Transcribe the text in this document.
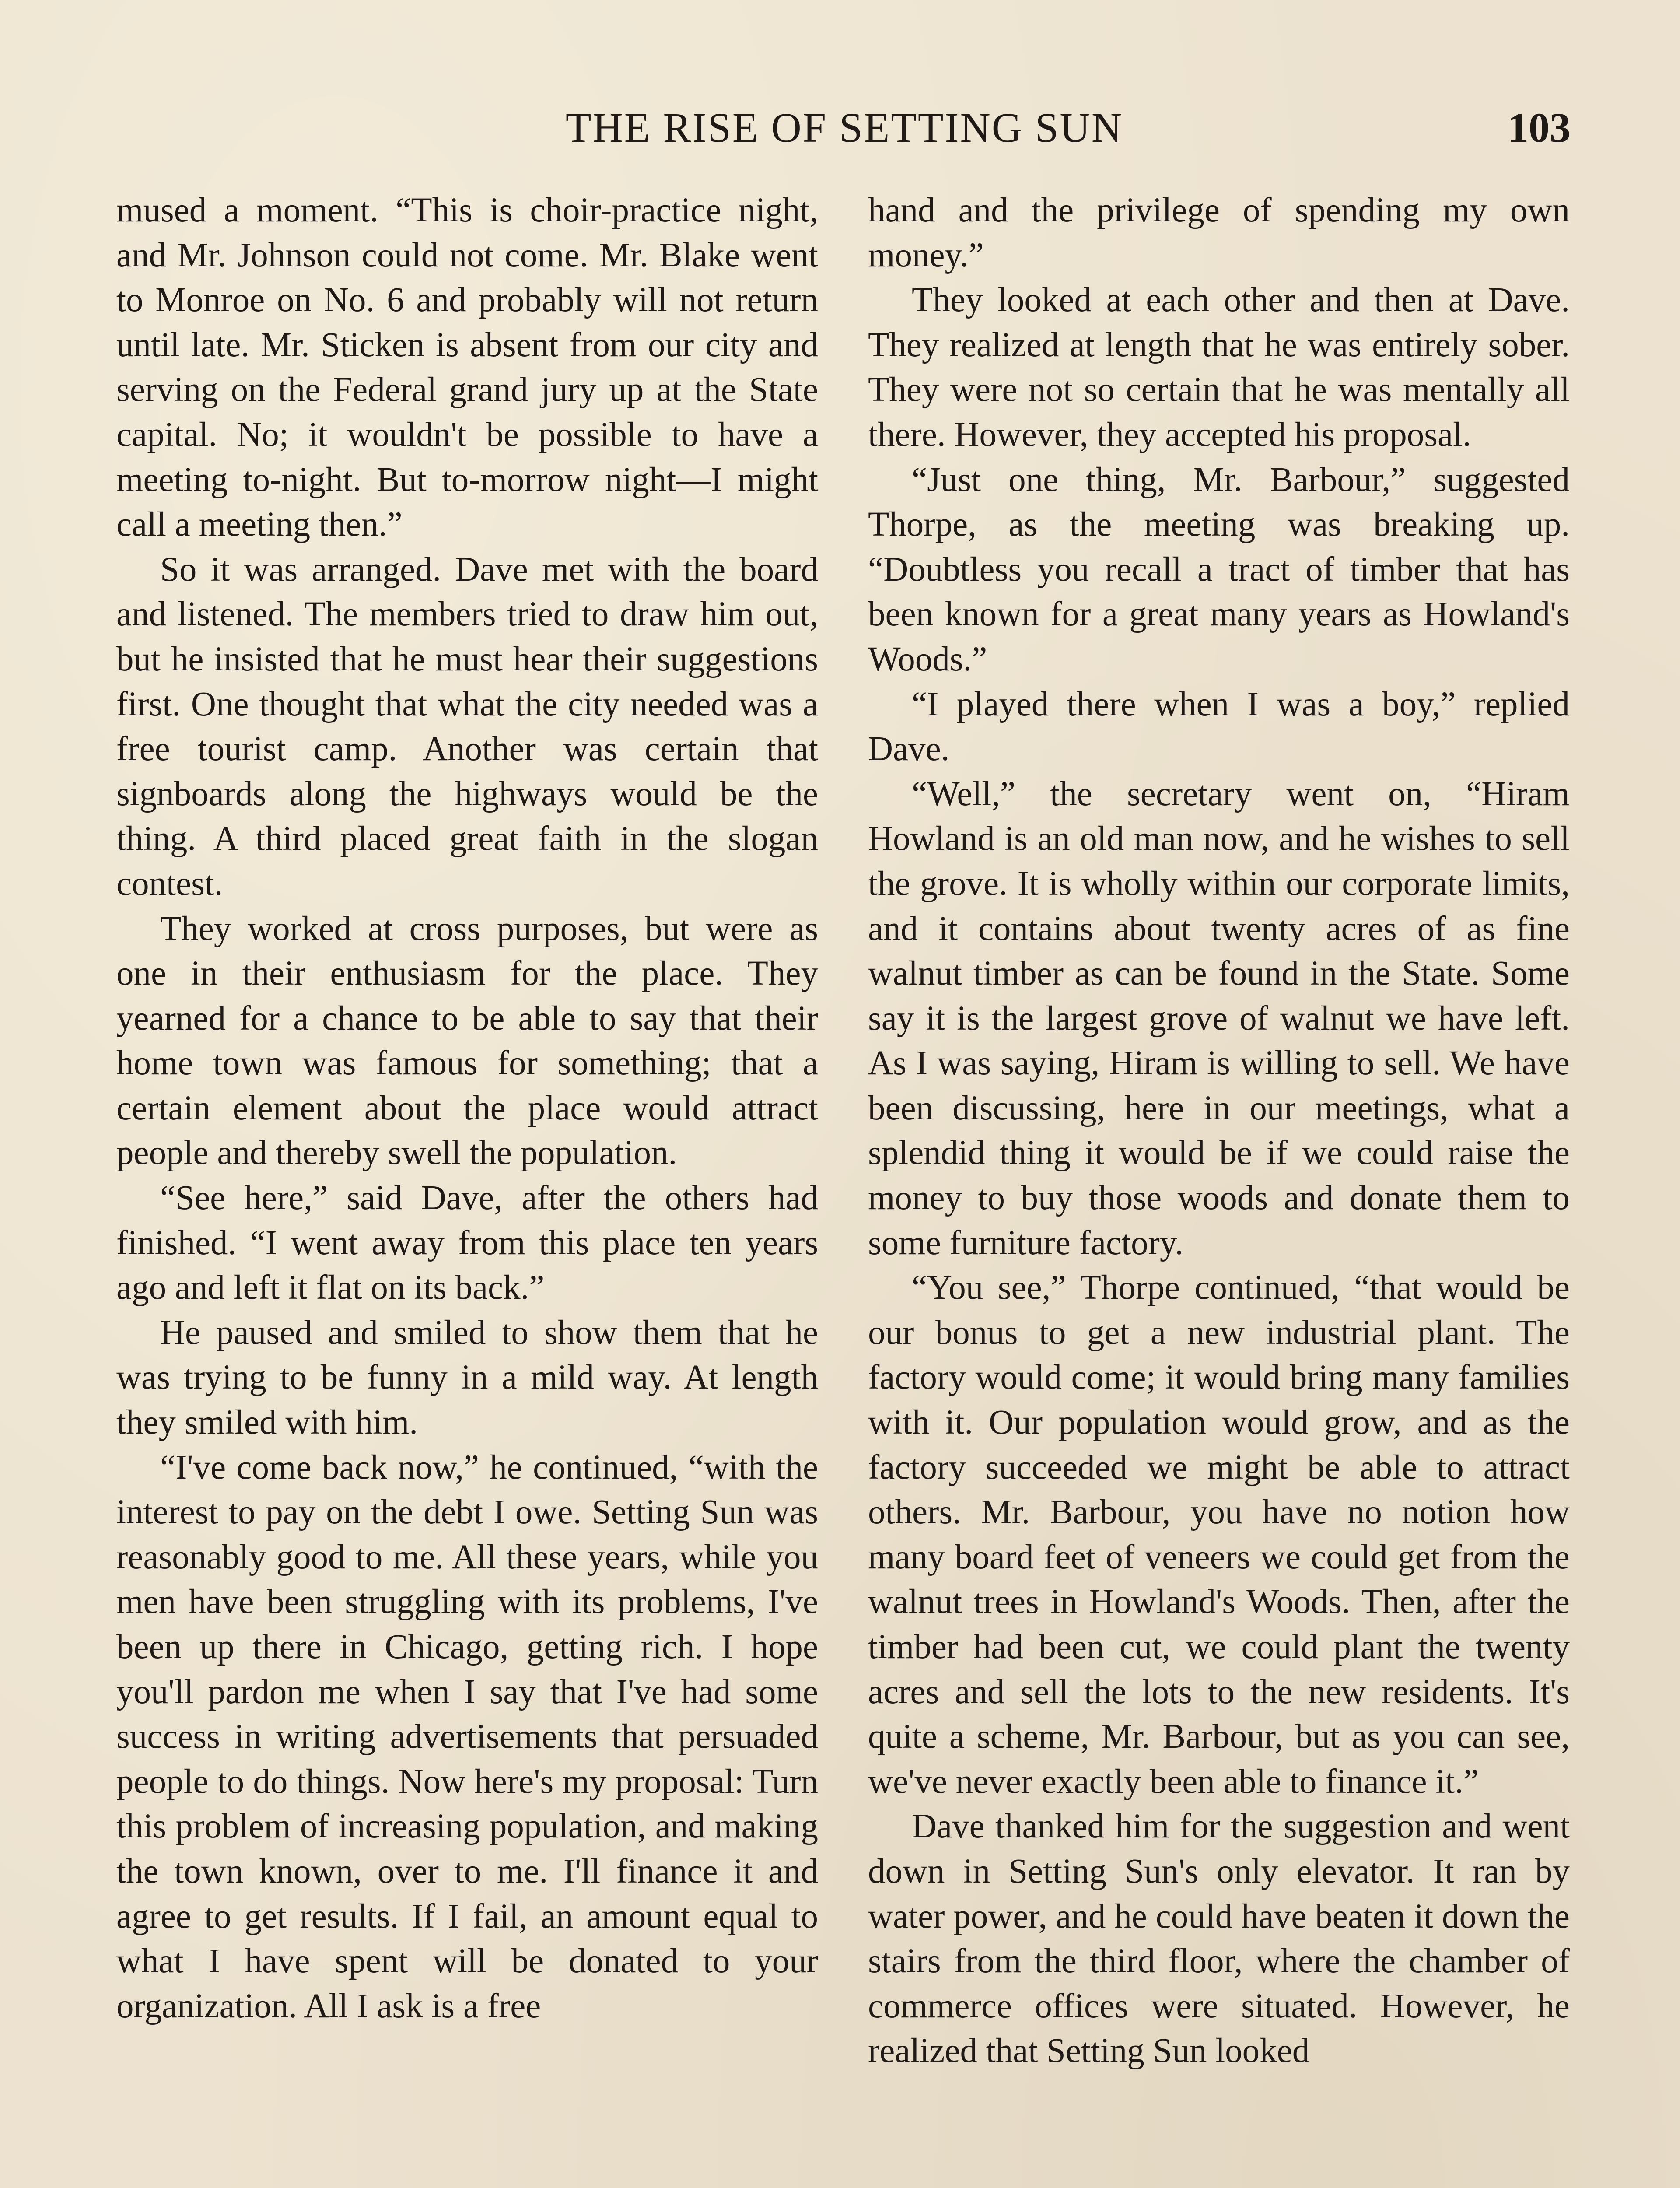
THE RISE OF SETTING SUN	103

mused a moment. “This is choir-practice night, and Mr. Johnson could not come. Mr. Blake went to Monroe on No. 6 and probably will not return until late. Mr. Sticken is absent from our city and serving on the Federal grand jury up at the State capital. No; it wouldn't be possible to have a meeting to-night. But to-morrow night—I might call a meeting then.”

So it was arranged. Dave met with the board and listened. The members tried to draw him out, but he insisted that he must hear their suggestions first. One thought that what the city needed was a free tourist camp. Another was certain that signboards along the highways would be the thing. A third placed great faith in the slogan contest.

They worked at cross purposes, but were as one in their enthusiasm for the place. They yearned for a chance to be able to say that their home town was famous for something; that a certain element about the place would attract people and thereby swell the population.

“See here,” said Dave, after the others had finished. “I went away from this place ten years ago and left it flat on its back.”

He paused and smiled to show them that he was trying to be funny in a mild way. At length they smiled with him.

“I've come back now,” he continued, “with the interest to pay on the debt I owe. Setting Sun was reasonably good to me. All these years, while you men have been struggling with its problems, I've been up there in Chicago, getting rich. I hope you'll pardon me when I say that I've had some success in writing advertisements that persuaded people to do things. Now here's my proposal: Turn this problem of increasing population, and making the town known, over to me. I'll finance it and agree to get results. If I fail, an amount equal to what I have spent will be donated to your organization. All I ask is a free

hand and the privilege of spending my own money.”

They looked at each other and then at Dave. They realized at length that he was entirely sober. They were not so certain that he was mentally all there. However, they accepted his proposal.

“Just one thing, Mr. Barbour,” suggested Thorpe, as the meeting was breaking up. “Doubtless you recall a tract of timber that has been known for a great many years as Howland's Woods.”

“I played there when I was a boy,” replied Dave.

“Well,” the secretary went on, “Hiram Howland is an old man now, and he wishes to sell the grove. It is wholly within our corporate limits, and it contains about twenty acres of as fine walnut timber as can be found in the State. Some say it is the largest grove of walnut we have left. As I was saying, Hiram is willing to sell. We have been discussing, here in our meetings, what a splendid thing it would be if we could raise the money to buy those woods and donate them to some furniture factory.

“You see,” Thorpe continued, “that would be our bonus to get a new industrial plant. The factory would come; it would bring many families with it. Our population would grow, and as the factory succeeded we might be able to attract others. Mr. Barbour, you have no notion how many board feet of veneers we could get from the walnut trees in Howland's Woods. Then, after the timber had been cut, we could plant the twenty acres and sell the lots to the new residents. It's quite a scheme, Mr. Barbour, but as you can see, we've never exactly been able to finance it.”

Dave thanked him for the suggestion and went down in Setting Sun's only elevator. It ran by water power, and he could have beaten it down the stairs from the third floor, where the chamber of commerce offices were situated. However, he realized that Setting Sun looked
